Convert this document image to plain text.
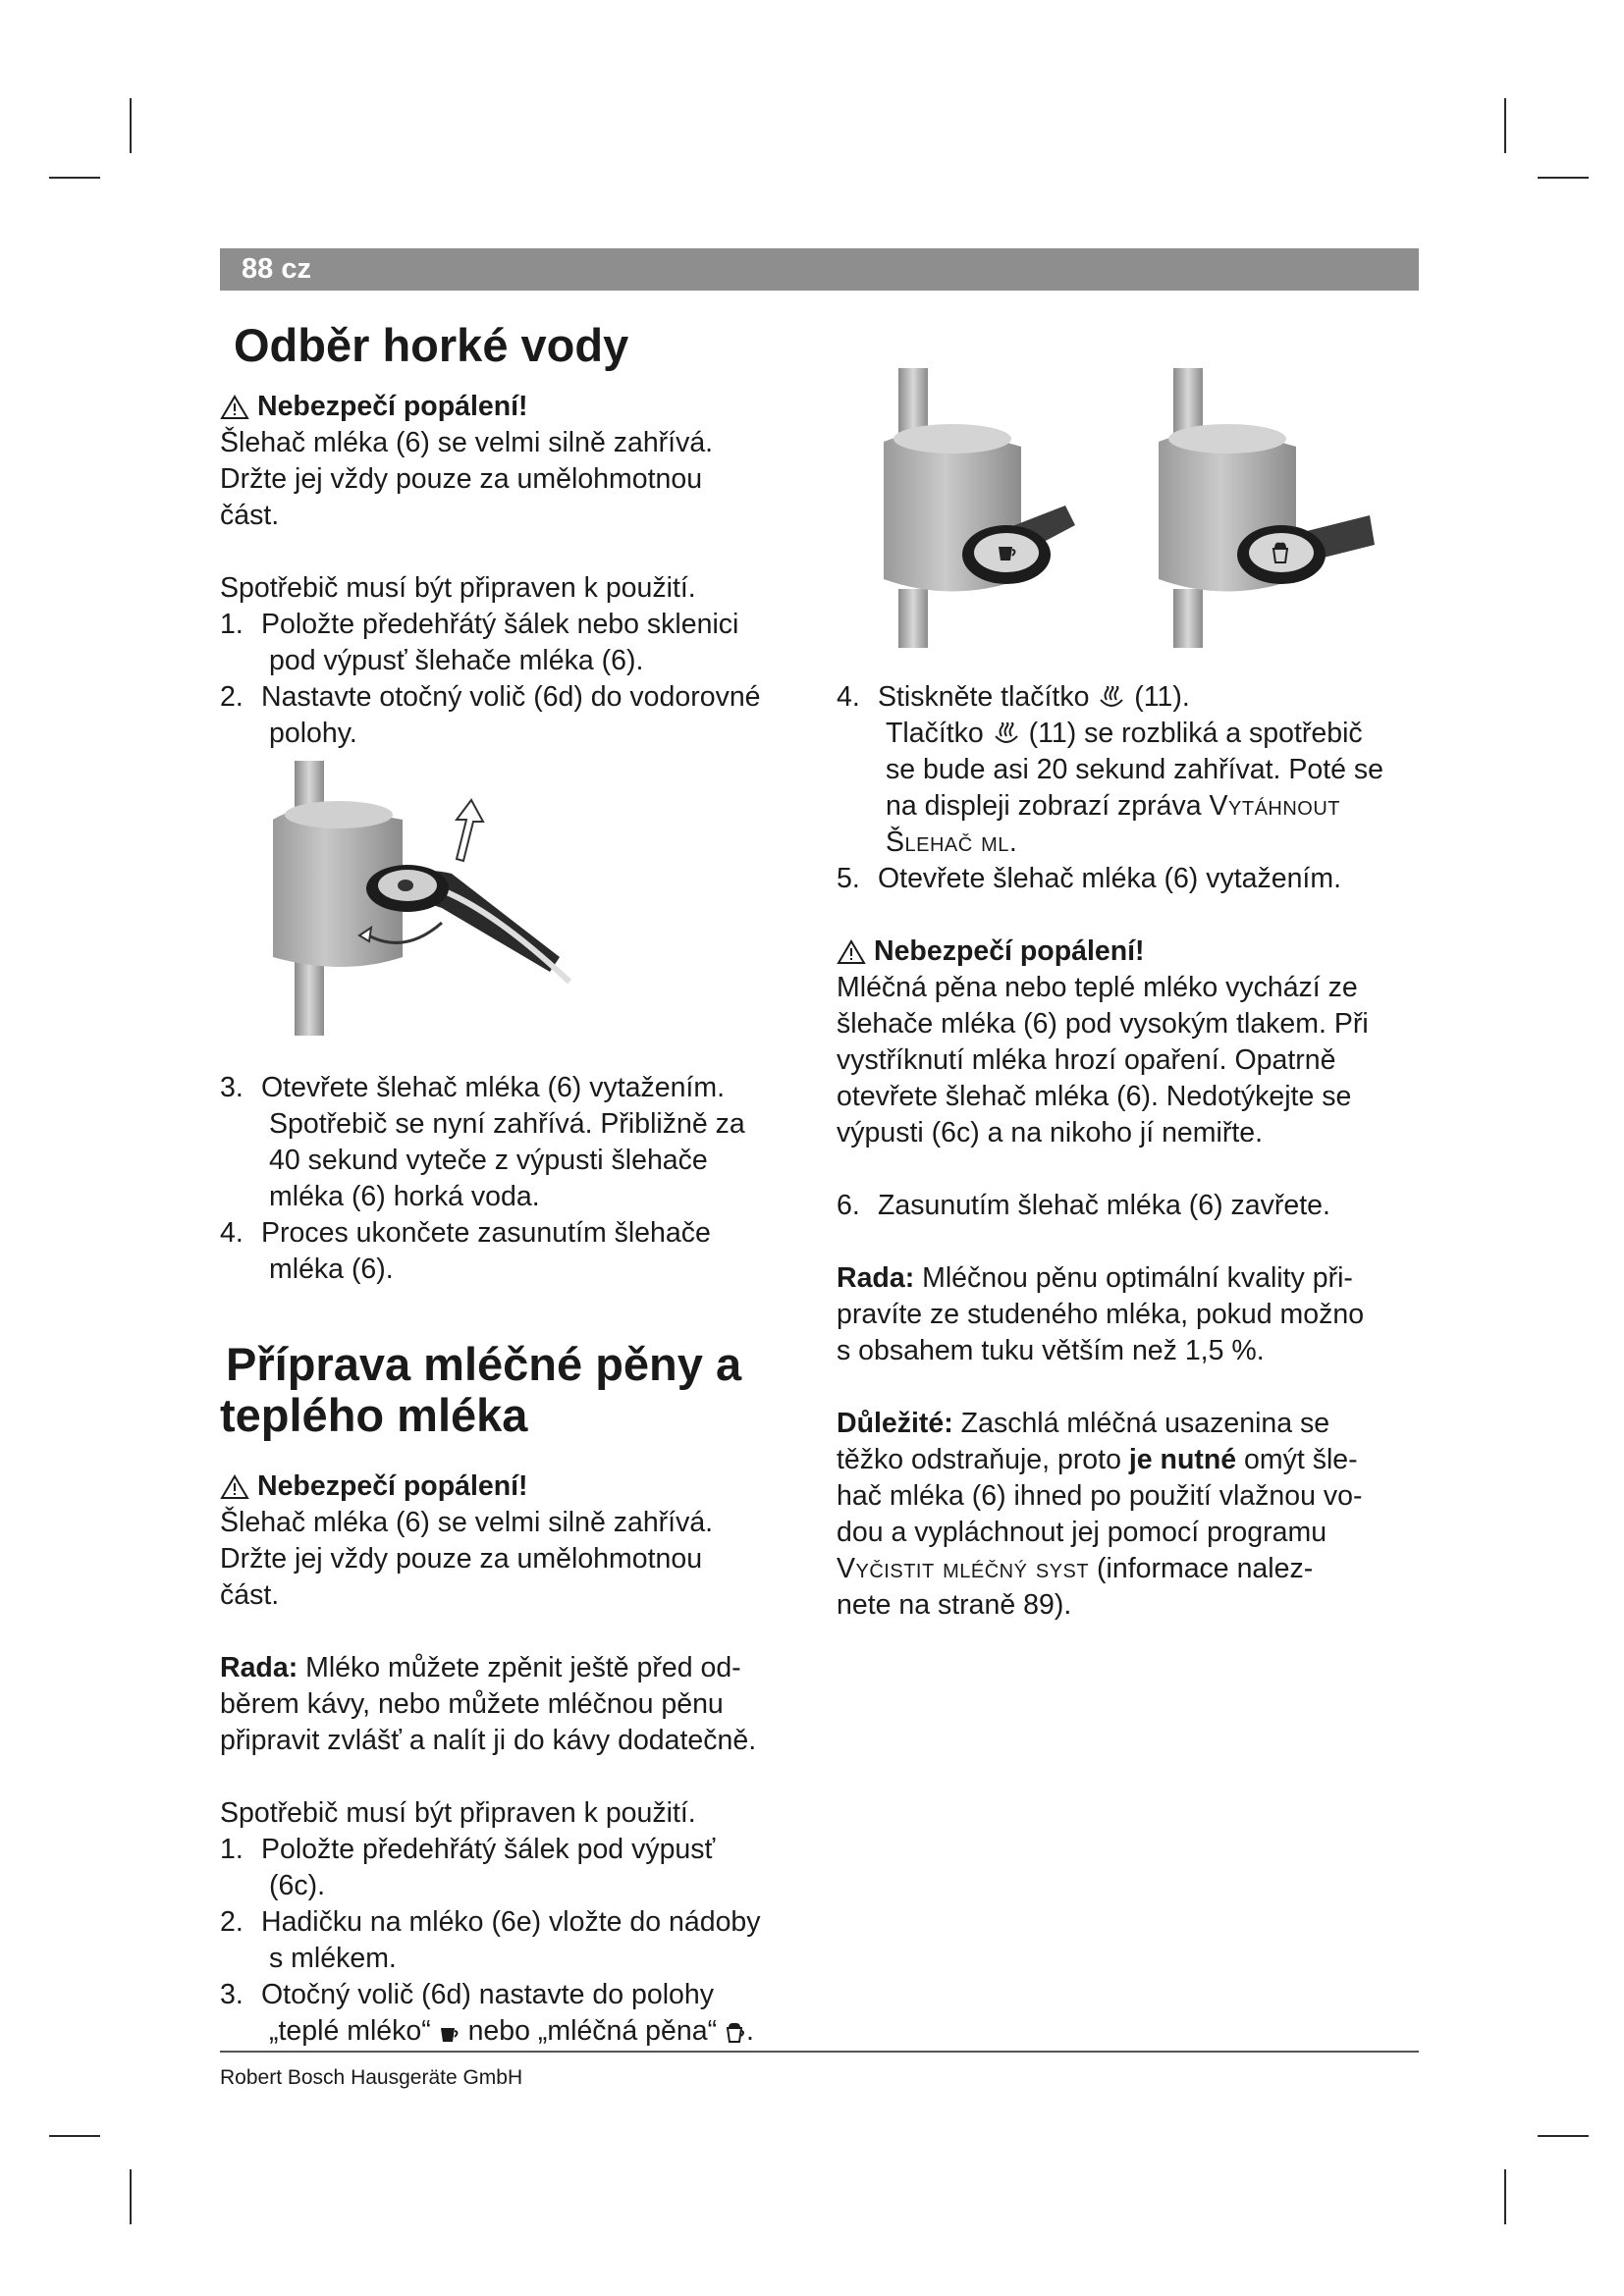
88 cz

Odběr horké vody

Nebezpečí popálení!

Šlehač mléka (6) se velmi silně zahřívá.

Držte jej vždy pouze za umělohmotnou

část.

Spotřebič musí být připraven k použití.

1. Položte předehřátý šálek nebo sklenici
pod výpusť šlehače mléka (6).
2. Nastavte otočný volič (6d) do vodorovné
polohy.
3. Otevřete šlehač mléka (6) vytažením.
Spotřebič se nyní zahřívá. Přibližně za
40 sekund vyteče z výpusti šlehače
mléka (6) horká voda.
4. Proces ukončete zasunutím šlehače
mléka (6).

Příprava mléčné pěny a

teplého mléka

Nebezpečí popálení!

Šlehač mléka (6) se velmi silně zahřívá.

Držte jej vždy pouze za umělohmotnou

část.

Rada: Mléko můžete zpěnit ještě před od-

běrem kávy, nebo můžete mléčnou pěnu

připravit zvlášť a nalít ji do kávy dodatečně.

Spotřebič musí být připraven k použití.

1. Položte předehřátý šálek pod výpusť
(6c).
2. Hadičku na mléko (6e) vložte do nádoby
s mlékem.
3. Otočný volič (6d) nastavte do polohy
„teplé mléko“  nebo „mléčná pěna“ .
4. Stiskněte tlačítko  (11).
Tlačítko  (11) se rozbliká a spotřebič
se bude asi 20 sekund zahřívat. Poté se
na displeji zobrazí zpráva Vytáhnout
Šlehač ml.
5. Otevřete šlehač mléka (6) vytažením.

Nebezpečí popálení!

Mléčná pěna nebo teplé mléko vychází ze

šlehače mléka (6) pod vysokým tlakem. Při

vystříknutí mléka hrozí opaření. Opatrně

otevřete šlehač mléka (6). Nedotýkejte se

výpusti (6c) a na nikoho jí nemiřte.

6. Zasunutím šlehač mléka (6) zavřete.

Rada: Mléčnou pěnu optimální kvality při-

pravíte ze studeného mléka, pokud možno

s obsahem tuku větším než 1,5 %.

Důležité: Zaschlá mléčná usazenina se

těžko odstraňuje, proto je nutné omýt šle-

hač mléka (6) ihned po použití vlažnou vo-

dou a vypláchnout jej pomocí programu

Vyčistit mléčný syst (informace nalez-

nete na straně 89).

Robert Bosch Hausgeräte GmbH
